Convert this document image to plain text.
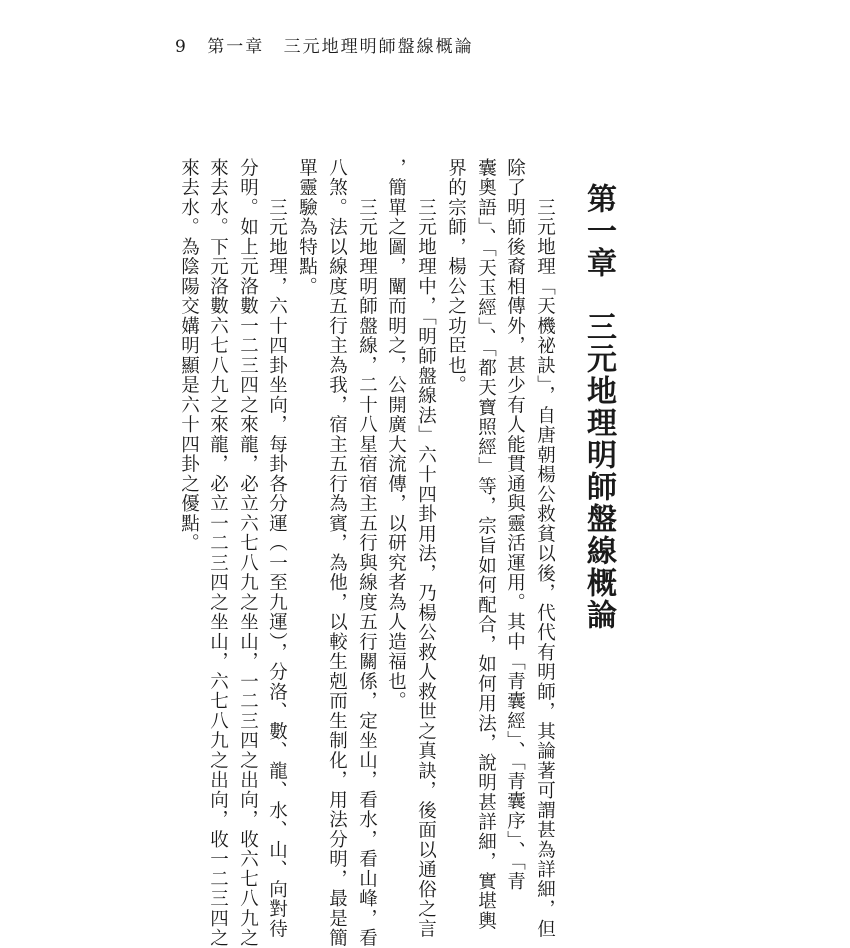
9 第一章 三元地理明師盤線概論
第一章　三元地理明師盤線概論
　　三元地理「天機祕訣」，自唐朝楊公救貧以後，代代有明師，其論著可謂甚為詳細，但
除了明師後裔相傳外，甚少有人能貫通與靈活運用。其中「青囊經」、「青囊序」、「青
囊奧語」、「天玉經」、「都天寶照經」等，宗旨如何配合，如何用法，說明甚詳細，實堪輿
界的宗師，楊公之功臣也。
　　三元地理中，「明師盤線法」六十四卦用法，乃楊公救人救世之真訣，後面以通俗之言
，簡單之圖，闡而明之，公開廣大流傳，以研究者為人造福也。
　　三元地理明師盤線，二十八星宿宿主五行與線度五行關係，定坐山，看水，看山峰，看
八煞。法以線度五行主為我，宿主五行為賓，為他，以較生剋而生制化，用法分明，最是簡
單靈驗為特點。
　　三元地理，六十四卦坐向，每卦各分運（一至九運），分洛、數、龍、水、山、向對待
分明。如上元洛數一二三四之來龍，必立六七八九之坐山，一二三四之出向，收六七八九之
來去水。下元洛數六七八九之來龍，必立一二三四之坐山，六七八九之出向，收一二三四之
來去水。為陰陽交媾明顯是六十四卦之優點。
